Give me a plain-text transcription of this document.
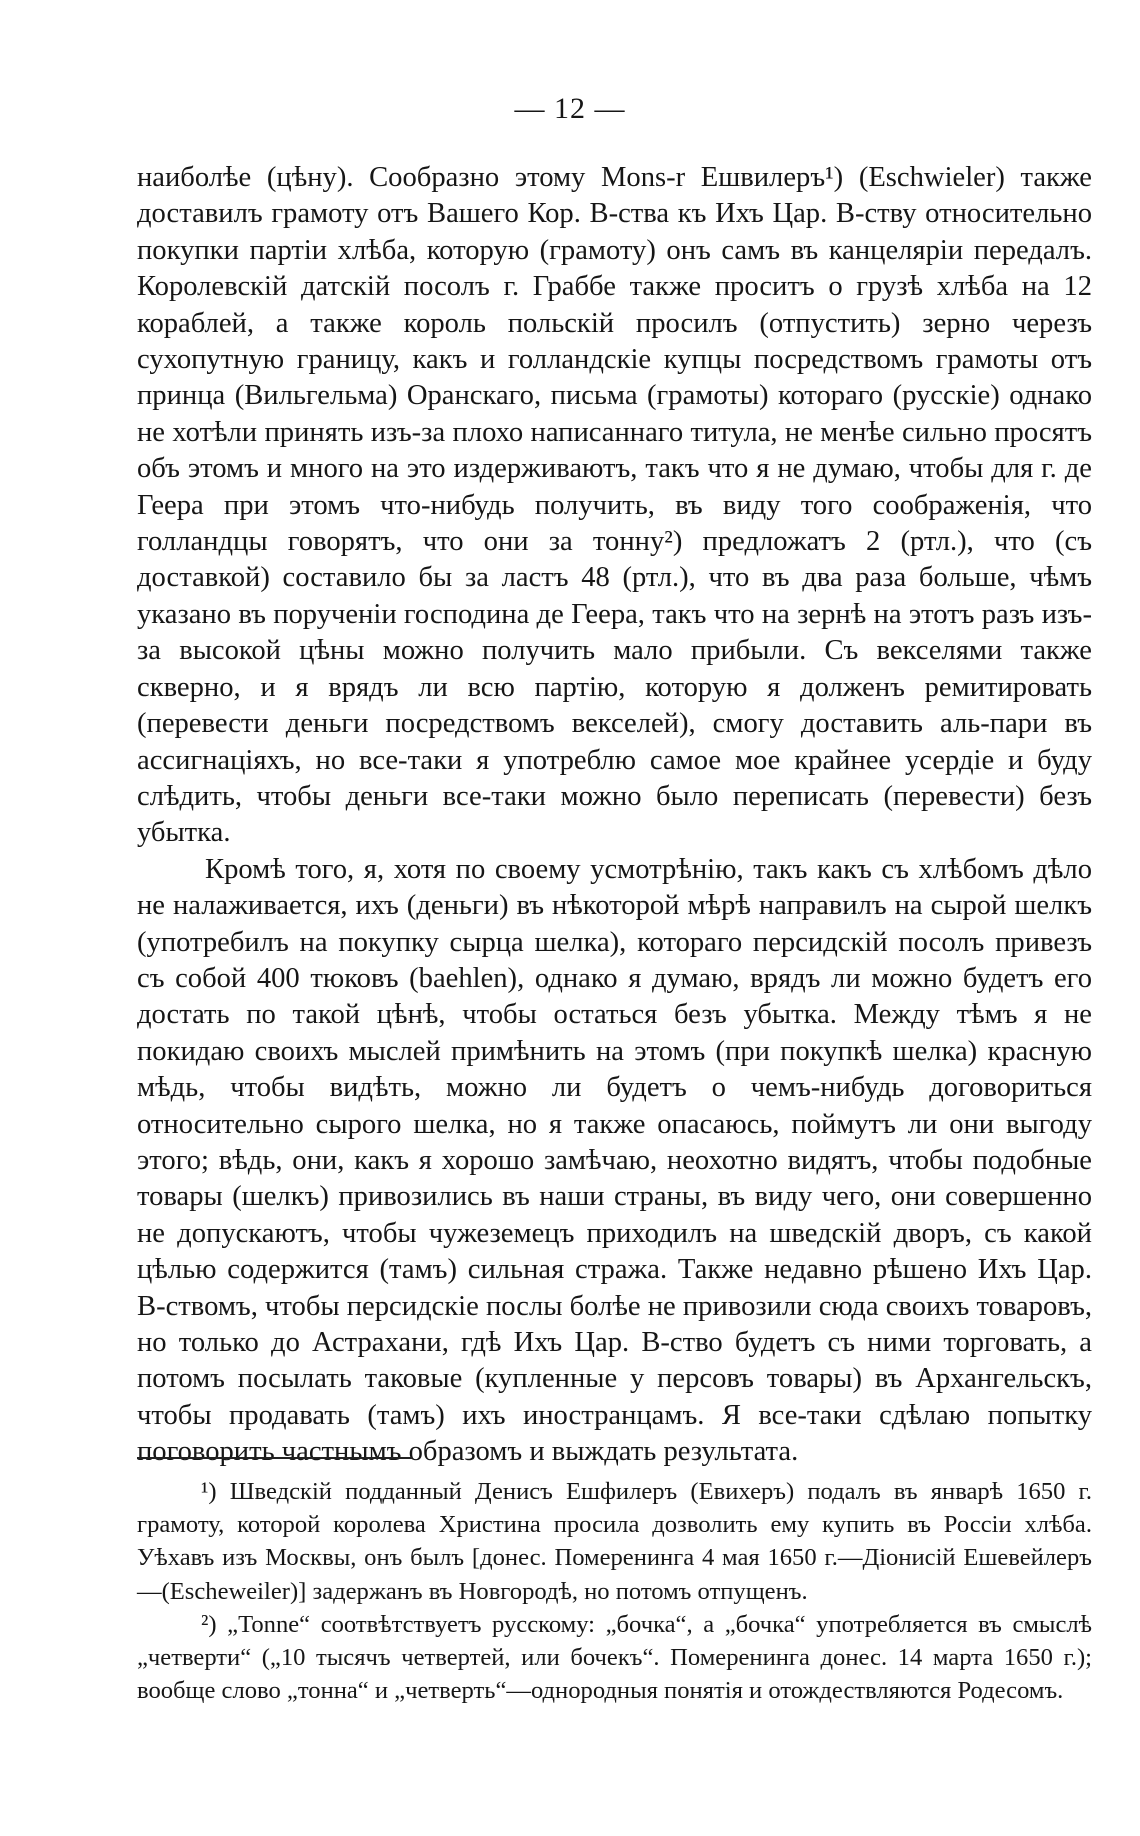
— 12 —

наиболѣе (цѣну). Сообразно этому Mons-r Ешвилеръ¹) (Eschwieler) также доставилъ грамоту отъ Вашего Кор. В-ства къ Ихъ Цар. В-ству относительно покупки партіи хлѣба, которую (грамоту) онъ самъ въ канцеляріи передалъ. Королевскій датскій посолъ г. Граббе также проситъ о грузѣ хлѣба на 12 кораблей, а также король польскій просилъ (отпустить) зерно черезъ сухопутную границу, какъ и голландскіе купцы посредствомъ грамоты отъ принца (Вильгельма) Оранскаго, письма (грамоты) котораго (русскіе) однако не хотѣли принять изъ-за плохо написаннаго титула, не менѣе сильно просятъ объ этомъ и много на это издерживаютъ, такъ что я не думаю, чтобы для г. де Геера при этомъ что-нибудь получить, въ виду того соображенія, что голландцы говорятъ, что они за тонну²) предложатъ 2 (ртл.), что (съ доставкой) составило бы за ластъ 48 (ртл.), что въ два раза больше, чѣмъ указано въ порученіи господина де Геера, такъ что на зернѣ на этотъ разъ изъ-за высокой цѣны можно получить мало прибыли. Съ векселями также скверно, и я врядъ ли всю партію, которую я долженъ ремитировать (перевести деньги посредствомъ векселей), смогу доставить аль-пари въ ассигнаціяхъ, но все-таки я употреблю самое мое крайнее усердіе и буду слѣдить, чтобы деньги все-таки можно было переписать (перевести) безъ убытка.

Кромѣ того, я, хотя по своему усмотрѣнію, такъ какъ съ хлѣбомъ дѣло не налаживается, ихъ (деньги) въ нѣкоторой мѣрѣ направилъ на сырой шелкъ (употребилъ на покупку сырца шелка), котораго персидскій посолъ привезъ съ собой 400 тюковъ (baehlen), однако я думаю, врядъ ли можно будетъ его достать по такой цѣнѣ, чтобы остаться безъ убытка. Между тѣмъ я не покидаю своихъ мыслей примѣнить на этомъ (при покупкѣ шелка) красную мѣдь, чтобы видѣть, можно ли будетъ о чемъ-нибудь договориться относительно сырого шелка, но я также опасаюсь, поймутъ ли они выгоду этого; вѣдь, они, какъ я хорошо замѣчаю, неохотно видятъ, чтобы подобные товары (шелкъ) привозились въ наши страны, въ виду чего, они совершенно не допускаютъ, чтобы чужеземецъ приходилъ на шведскій дворъ, съ какой цѣлью содержится (тамъ) сильная стража. Также недавно рѣшено Ихъ Цар. В-ствомъ, чтобы персидскіе послы болѣе не привозили сюда своихъ товаровъ, но только до Астрахани, гдѣ Ихъ Цар. В-ство будетъ съ ними торговать, а потомъ посылать таковые (купленные у персовъ товары) въ Архангельскъ, чтобы продавать (тамъ) ихъ иностранцамъ. Я все-таки сдѣлаю попытку поговорить частнымъ образомъ и выждать результата.

¹) Шведскій подданный Денисъ Ешфилеръ (Евихеръ) подалъ въ январѣ 1650 г. грамоту, которой королева Христина просила дозволить ему купить въ Россіи хлѣба. Уѣхавъ изъ Москвы, онъ былъ [донес. Померенинга 4 мая 1650 г.—Діонисій Ешевейлеръ—(Escheweiler)] задержанъ въ Новгородѣ, но потомъ отпущенъ.

²) „Tonne“ соотвѣтствуетъ русскому: „бочка“, а „бочка“ употребляется въ смыслѣ „четверти“ („10 тысячъ четвертей, или бочекъ“. Померенинга донес. 14 марта 1650 г.); вообще слово „тонна“ и „четверть“—однородныя понятія и отождествляются Родесомъ.
